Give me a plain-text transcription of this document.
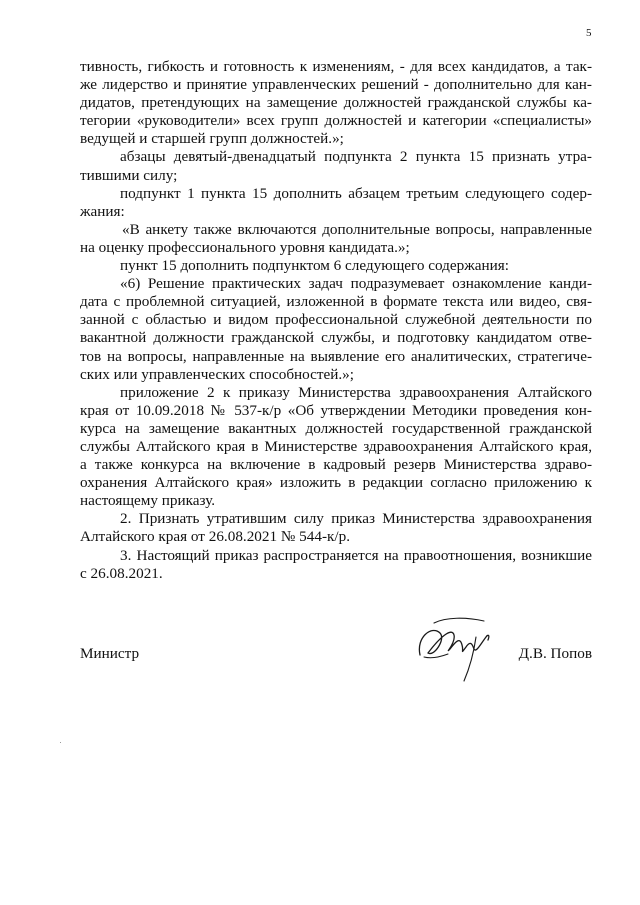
5
тивность, гибкость и готовность к изменениям, - для всех кандидатов, а так-
же лидерство и принятие управленческих решений - дополнительно для кан-
дидатов, претендующих на замещение должностей гражданской службы ка-
тегории «руководители» всех групп должностей и категории «специалисты»
ведущей и старшей групп должностей.»;
абзацы девятый-двенадцатый подпункта 2 пункта 15 признать утра-
тившими силу;
подпункт 1 пункта 15 дополнить абзацем третьим следующего содер-
жания:
«В анкету также включаются дополнительные вопросы, направленные
на оценку профессионального уровня кандидата.»;
пункт 15 дополнить подпунктом 6 следующего содержания:
«6) Решение практических задач подразумевает ознакомление канди-
дата с проблемной ситуацией, изложенной в формате текста или видео, свя-
занной с областью и видом профессиональной служебной деятельности по
вакантной должности гражданской службы, и подготовку кандидатом отве-
тов на вопросы, направленные на выявление его аналитических, стратегиче-
ских или управленческих способностей.»;
приложение 2 к приказу Министерства здравоохранения Алтайского
края от 10.09.2018 № 537-к/р «Об утверждении Методики проведения кон-
курса на замещение вакантных должностей государственной гражданской
службы Алтайского края в Министерстве здравоохранения Алтайского края,
а также конкурса на включение в кадровый резерв Министерства здраво-
охранения Алтайского края» изложить в редакции согласно приложению к
настоящему приказу.
2. Признать утратившим силу приказ Министерства здравоохранения
Алтайского края от 26.08.2021 № 544-к/р.
3. Настоящий приказ распространяется на правоотношения, возникшие
с 26.08.2021.
Министр	Д.В. Попов
